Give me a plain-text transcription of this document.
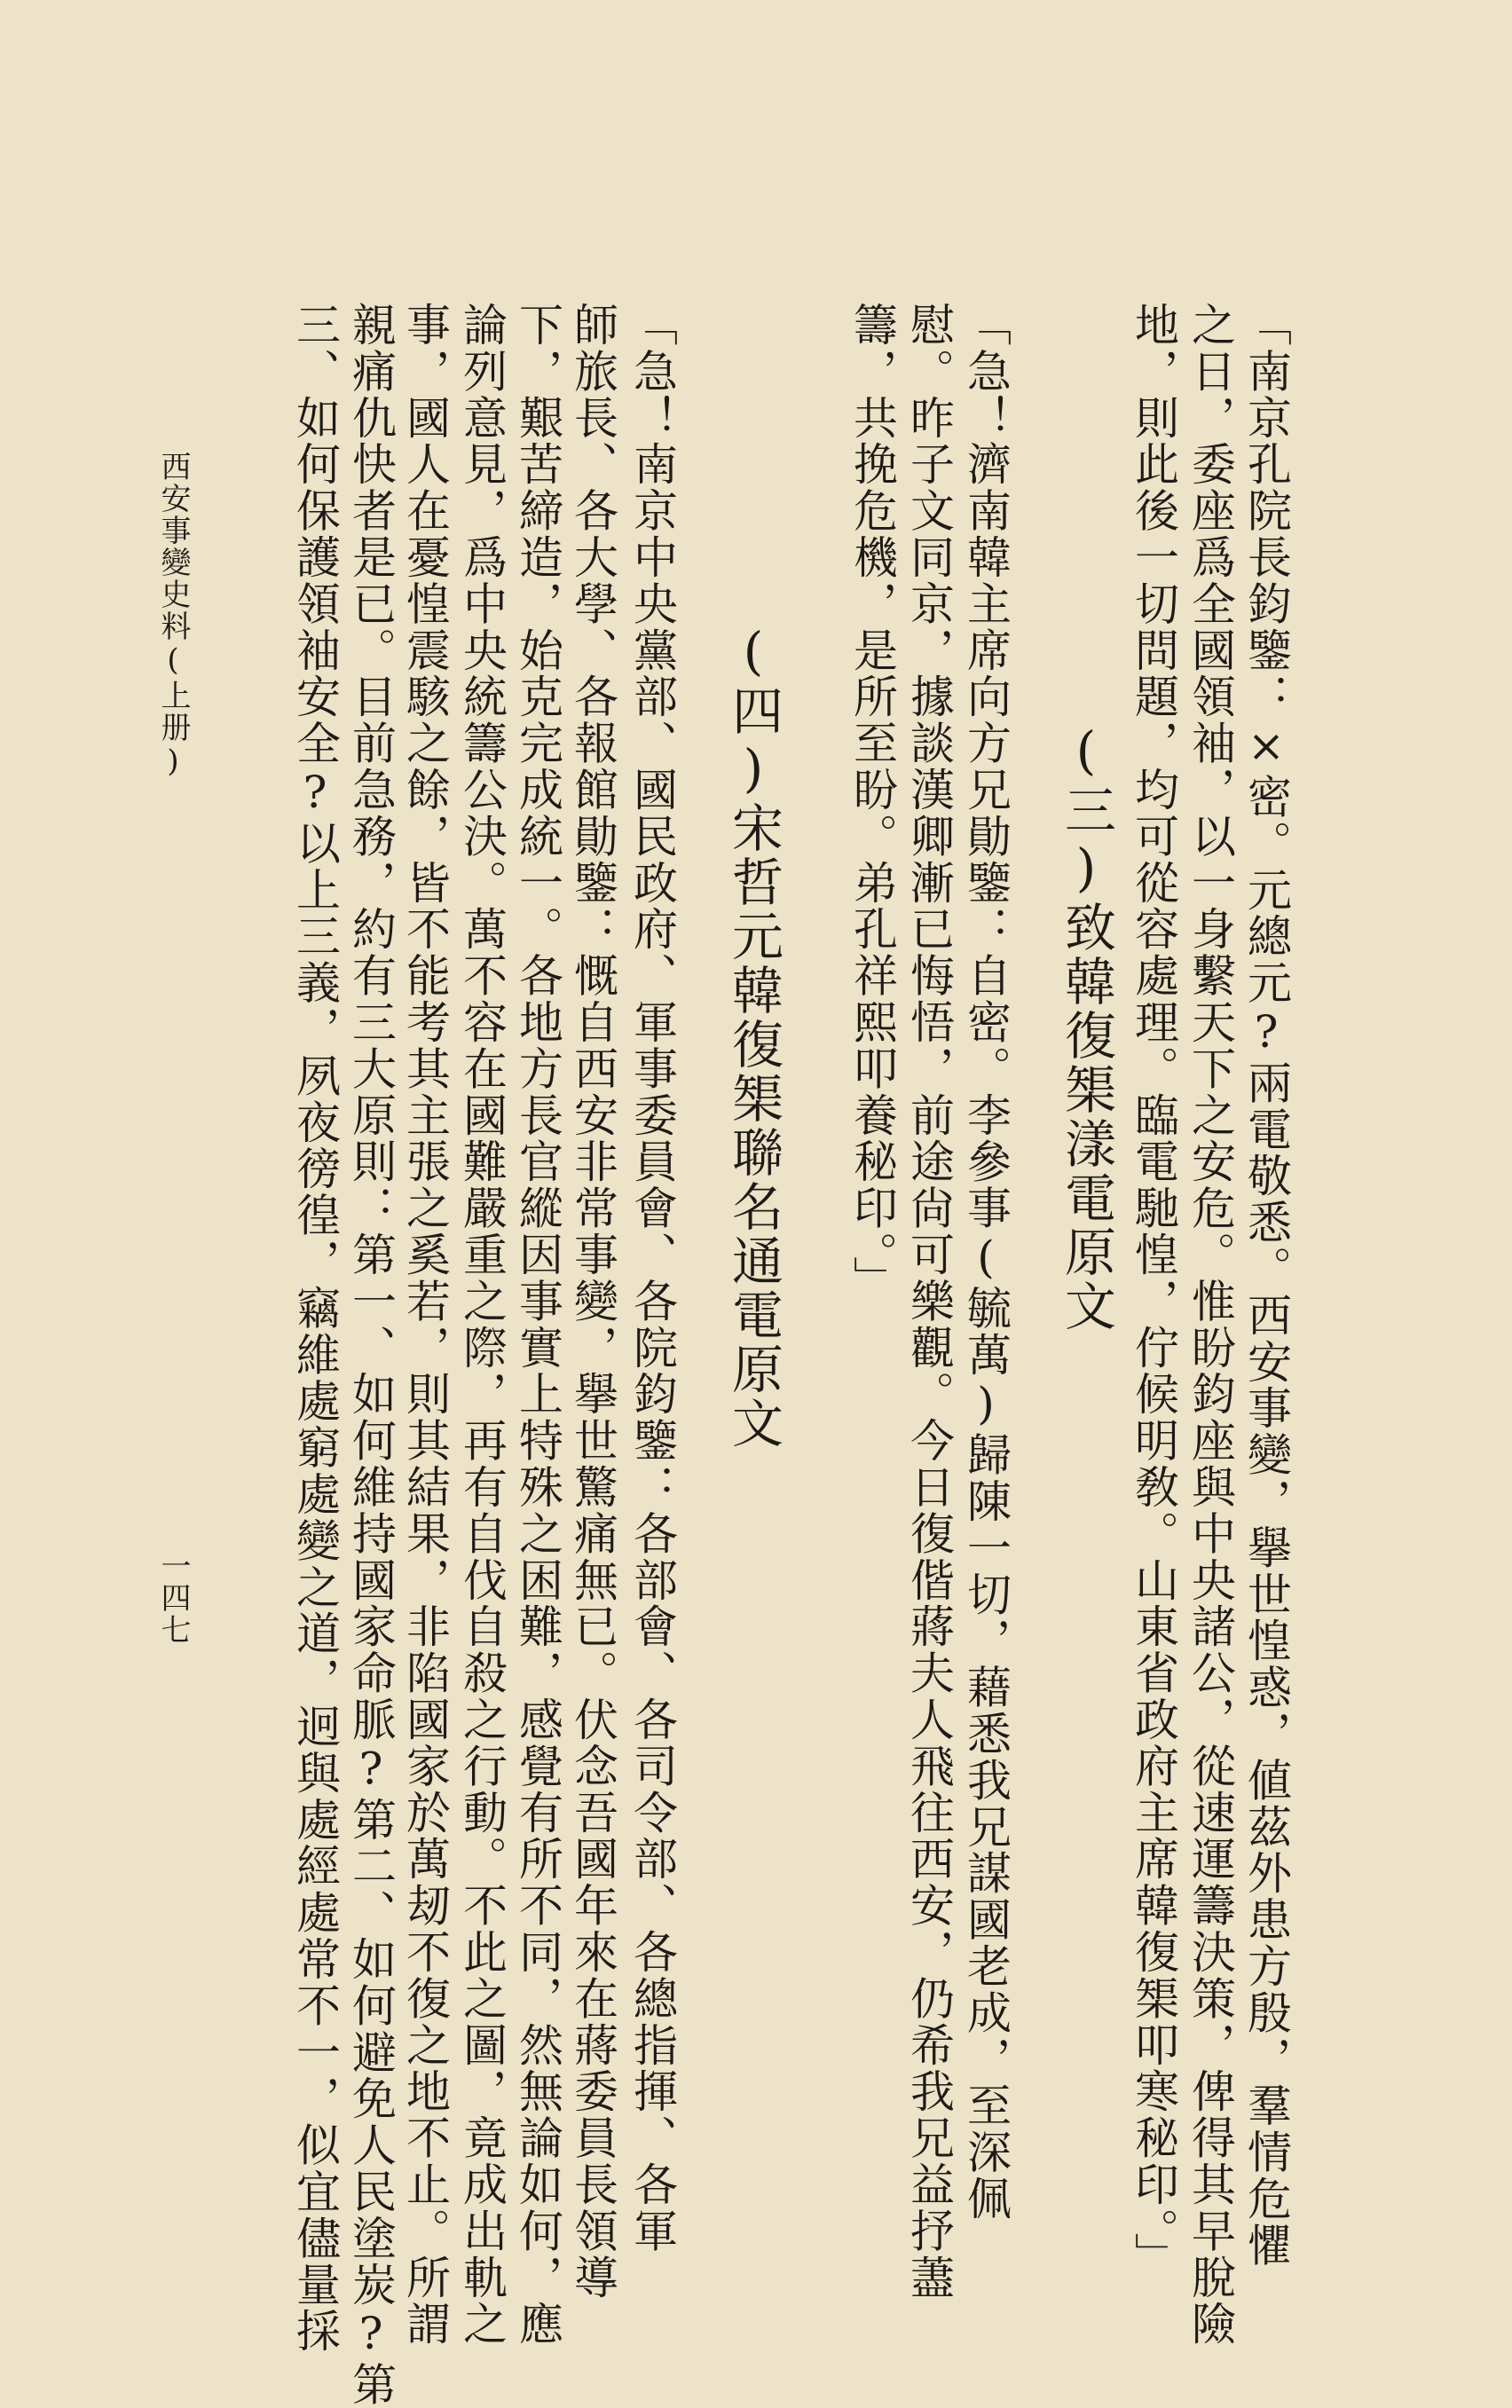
「南京孔院長鈞鑒：×密。元總元?兩電敬悉。西安事變，擧世惶惑，値茲外患方殷，羣情危懼
之日，委座爲全國領袖，以一身繫天下之安危。惟盼鈞座與中央諸公，從速運籌決策，俾得其早脫險
地，則此後一切問題，均可從容處理。臨電馳惶，佇候明敎。山東省政府主席韓復榘叩寒秘印。」
(三)致韓復榘漾電原文
「急！濟南韓主席向方兄勛鑒：自密。李參事(毓萬)歸陳一切，藉悉我兄謀國老成，至深佩
慰。昨子文同京，據談漢卿漸已悔悟，前途尙可樂觀。今日復偕蔣夫人飛往西安，仍希我兄益抒藎
籌，共挽危機，是所至盼。弟孔祥熙叩養秘印。」
(四)宋哲元韓復榘聯名通電原文
「急！南京中央黨部、國民政府、軍事委員會、各院鈞鑒：各部會、各司令部、各總指揮、各軍
師旅長、各大學、各報館勛鑒：慨自西安非常事變，擧世驚痛無已。伏念吾國年來在蔣委員長領導
下，艱苦締造，始克完成統一。各地方長官縱因事實上特殊之困難，感覺有所不同，然無論如何，應
論列意見，爲中央統籌公決。萬不容在國難嚴重之際，再有自伐自殺之行動。不此之圖，竟成出軌之
事，國人在憂惶震駭之餘，皆不能考其主張之奚若，則其結果，非陷國家於萬刼不復之地不止。所謂
親痛仇快者是已。目前急務，約有三大原則：第一、如何維持國家命脈?第二、如何避免人民塗炭?第
三、如何保護領袖安全?以上三義，夙夜徬徨，竊維處窮處變之道，迥與處經處常不一，似宜儘量採
西安事變史料(上册)
一四七
